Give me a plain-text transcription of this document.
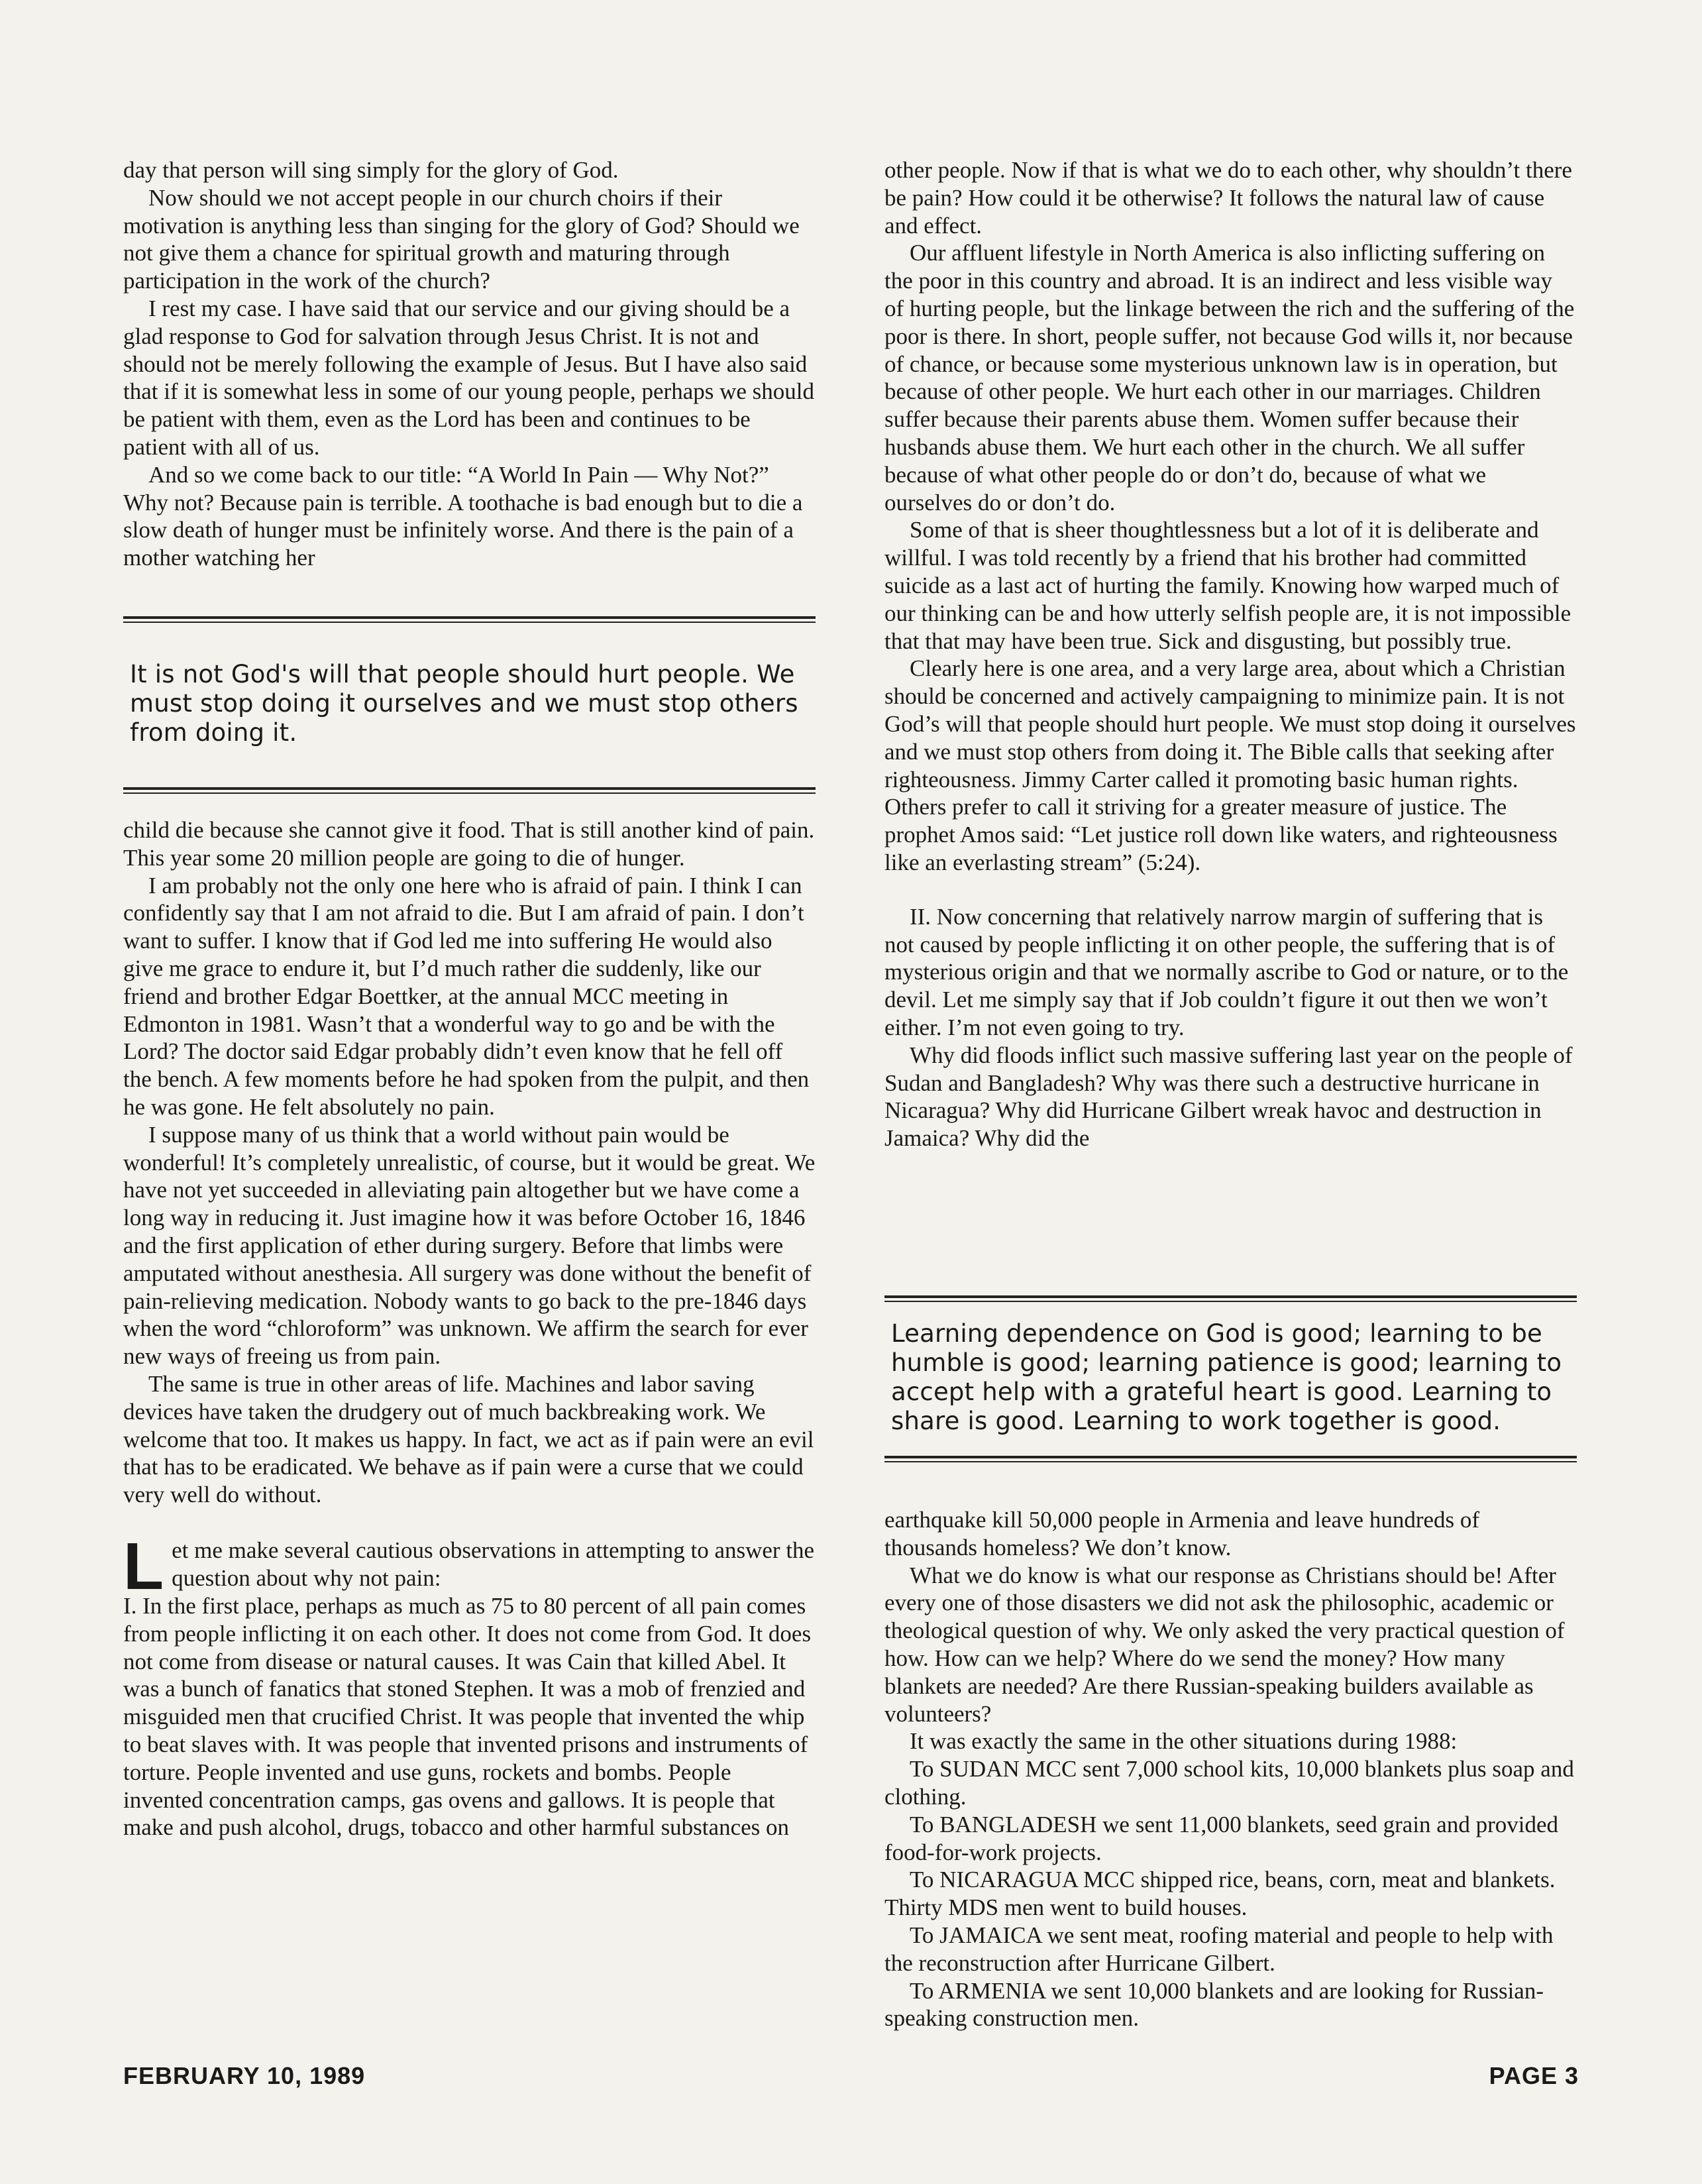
day that person will sing simply for the glory of God.

Now should we not accept people in our church choirs if their motivation is anything less than singing for the glory of God? Should we not give them a chance for spiritual growth and maturing through participation in the work of the church?

I rest my case. I have said that our service and our giving should be a glad response to God for salvation through Jesus Christ. It is not and should not be merely following the example of Jesus. But I have also said that if it is somewhat less in some of our young people, perhaps we should be patient with them, even as the Lord has been and continues to be patient with all of us.

And so we come back to our title: “A World In Pain — Why Not?” Why not? Because pain is terrible. A toothache is bad enough but to die a slow death of hunger must be infinitely worse. And there is the pain of a mother watching her

It is not God's will that people should hurt people. We must stop doing it ourselves and we must stop others from doing it.

child die because she cannot give it food. That is still another kind of pain. This year some 20 million people are going to die of hunger.

I am probably not the only one here who is afraid of pain. I think I can confidently say that I am not afraid to die. But I am afraid of pain. I don’t want to suffer. I know that if God led me into suffering He would also give me grace to endure it, but I’d much rather die suddenly, like our friend and brother Edgar Boettker, at the annual MCC meeting in Edmonton in 1981. Wasn’t that a wonderful way to go and be with the Lord? The doctor said Edgar probably didn’t even know that he fell off the bench. A few moments before he had spoken from the pulpit, and then he was gone. He felt absolutely no pain.

I suppose many of us think that a world without pain would be wonderful! It’s completely unrealistic, of course, but it would be great. We have not yet succeeded in alleviating pain altogether but we have come a long way in reducing it. Just imagine how it was before October 16, 1846 and the first application of ether during surgery. Before that limbs were amputated without anesthesia. All surgery was done without the benefit of pain-relieving medication. Nobody wants to go back to the pre-1846 days when the word “chloroform” was unknown. We affirm the search for ever new ways of freeing us from pain.

The same is true in other areas of life. Machines and labor saving devices have taken the drudgery out of much backbreaking work. We welcome that too. It makes us happy. In fact, we act as if pain were an evil that has to be eradicated. We behave as if pain were a curse that we could very well do without.

Let me make several cautious observations in attempting to answer the question about why not pain:

I. In the first place, perhaps as much as 75 to 80 percent of all pain comes from people inflicting it on each other. It does not come from God. It does not come from disease or natural causes. It was Cain that killed Abel. It was a bunch of fanatics that stoned Stephen. It was a mob of frenzied and misguided men that crucified Christ. It was people that invented the whip to beat slaves with. It was people that invented prisons and instruments of torture. People invented and use guns, rockets and bombs. People invented concentration camps, gas ovens and gallows. It is people that make and push alcohol, drugs, tobacco and other harmful substances on

other people. Now if that is what we do to each other, why shouldn’t there be pain? How could it be otherwise? It follows the natural law of cause and effect.

Our affluent lifestyle in North America is also inflicting suffering on the poor in this country and abroad. It is an indirect and less visible way of hurting people, but the linkage between the rich and the suffering of the poor is there. In short, people suffer, not because God wills it, nor because of chance, or because some mysterious unknown law is in operation, but because of other people. We hurt each other in our marriages. Children suffer because their parents abuse them. Women suffer because their husbands abuse them. We hurt each other in the church. We all suffer because of what other people do or don’t do, because of what we ourselves do or don’t do.

Some of that is sheer thoughtlessness but a lot of it is deliberate and willful. I was told recently by a friend that his brother had committed suicide as a last act of hurting the family. Knowing how warped much of our thinking can be and how utterly selfish people are, it is not impossible that that may have been true. Sick and disgusting, but possibly true.

Clearly here is one area, and a very large area, about which a Christian should be concerned and actively campaigning to minimize pain. It is not God’s will that people should hurt people. We must stop doing it ourselves and we must stop others from doing it. The Bible calls that seeking after righteousness. Jimmy Carter called it promoting basic human rights. Others prefer to call it striving for a greater measure of justice. The prophet Amos said: “Let justice roll down like waters, and righteousness like an everlasting stream” (5:24).

II. Now concerning that relatively narrow margin of suffering that is not caused by people inflicting it on other people, the suffering that is of mysterious origin and that we normally ascribe to God or nature, or to the devil. Let me simply say that if Job couldn’t figure it out then we won’t either. I’m not even going to try.

Why did floods inflict such massive suffering last year on the people of Sudan and Bangladesh? Why was there such a destructive hurricane in Nicaragua? Why did Hurricane Gilbert wreak havoc and destruction in Jamaica? Why did the

Learning dependence on God is good; learning to be humble is good; learning patience is good; learning to accept help with a grateful heart is good. Learning to share is good. Learning to work together is good.

earthquake kill 50,000 people in Armenia and leave hundreds of thousands homeless? We don’t know.

What we do know is what our response as Christians should be! After every one of those disasters we did not ask the philosophic, academic or theological question of why. We only asked the very practical question of how. How can we help? Where do we send the money? How many blankets are needed? Are there Russian-speaking builders available as volunteers?

It was exactly the same in the other situations during 1988:

To SUDAN MCC sent 7,000 school kits, 10,000 blankets plus soap and clothing.

To BANGLADESH we sent 11,000 blankets, seed grain and provided food-for-work projects.

To NICARAGUA MCC shipped rice, beans, corn, meat and blankets. Thirty MDS men went to build houses.

To JAMAICA we sent meat, roofing material and people to help with the reconstruction after Hurricane Gilbert.

To ARMENIA we sent 10,000 blankets and are looking for Russian-speaking construction men.

FEBRUARY 10, 1989	PAGE 3
